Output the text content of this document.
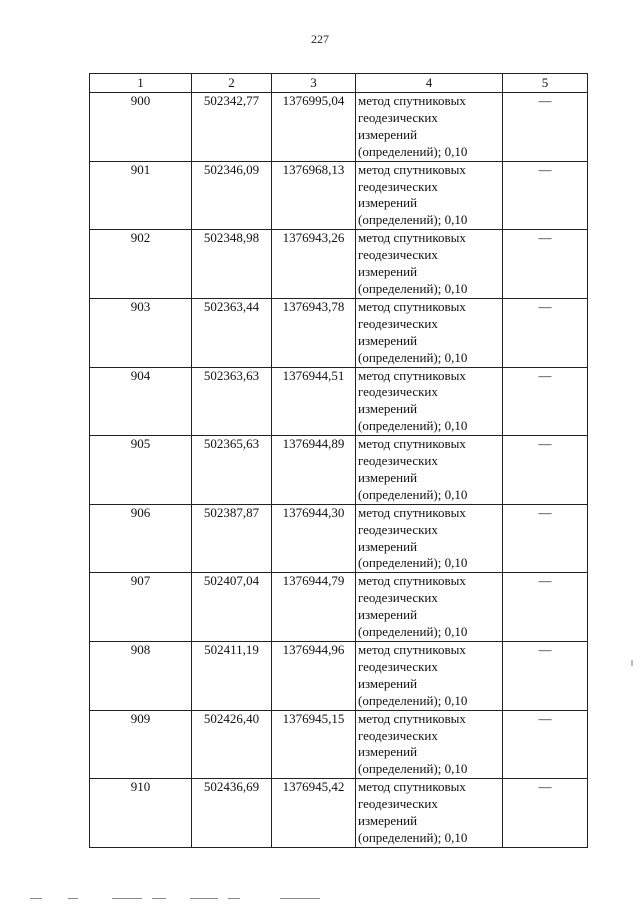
227
1	2	3	4	5
900	502342,77	1376995,04	метод спутниковых геодезических измерений (определений); 0,10	—
901	502346,09	1376968,13	метод спутниковых геодезических измерений (определений); 0,10	—
902	502348,98	1376943,26	метод спутниковых геодезических измерений (определений); 0,10	—
903	502363,44	1376943,78	метод спутниковых геодезических измерений (определений); 0,10	—
904	502363,63	1376944,51	метод спутниковых геодезических измерений (определений); 0,10	—
905	502365,63	1376944,89	метод спутниковых геодезических измерений (определений); 0,10	—
906	502387,87	1376944,30	метод спутниковых геодезических измерений (определений); 0,10	—
907	502407,04	1376944,79	метод спутниковых геодезических измерений (определений); 0,10	—
908	502411,19	1376944,96	метод спутниковых геодезических измерений (определений); 0,10	—
909	502426,40	1376945,15	метод спутниковых геодезических измерений (определений); 0,10	—
910	502436,69	1376945,42	метод спутниковых геодезических измерений (определений); 0,10	—
